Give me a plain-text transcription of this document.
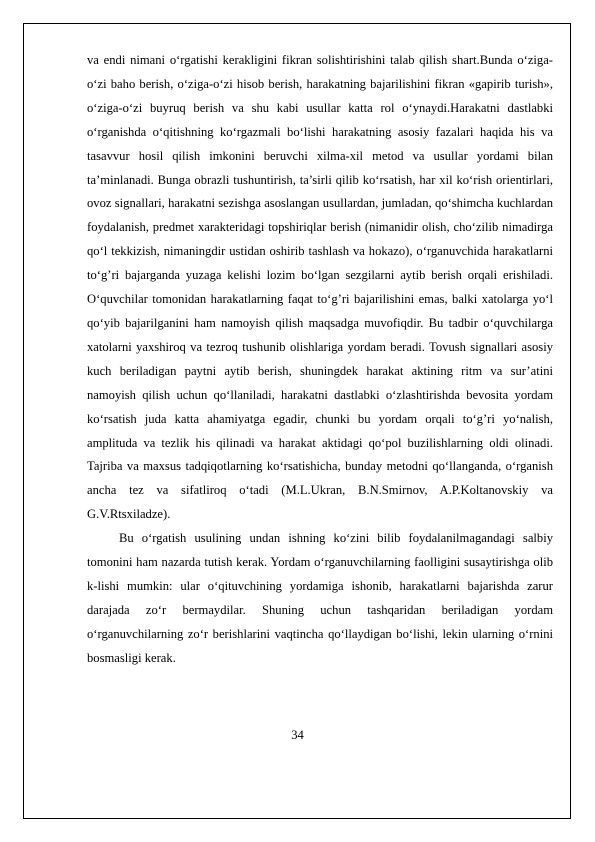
va endi nimani o‘rgatishi kerakligini fikran solishtirishini talab qilish shart.Bunda o‘ziga-o‘zi baho berish, o‘ziga-o‘zi hisob berish, harakatning bajarilishini fikran «gapirib turish», o‘ziga-o‘zi buyruq berish va shu kabi usullar katta rol o‘ynaydi.Harakatni dastlabki o‘rganishda o‘qitishning ko‘rgazmali bo‘lishi harakatning asosiy fazalari haqida his va tasavvur hosil qilish imkonini beruvchi xilma-xil metod va usullar yordami bilan ta’minlanadi. Bunga obrazli tushuntirish, ta’sirli qilib ko‘rsatish, har xil ko‘rish orientirlari, ovoz signallari, harakatni sezishga asoslangan usullardan, jumladan, qo‘shimcha kuchlardan foydalanish, predmet xarakteridagi topshiriqlar berish (nimanidir olish, cho‘zilib nimadirga qo‘l tekkizish, nimaningdir ustidan oshirib tashlash va hokazo), o‘rganuvchida harakatlarni to‘g’ri bajarganda yuzaga kelishi lozim bo‘lgan sezgilarni aytib berish orqali erishiladi. O‘quvchilar tomonidan harakatlarning faqat to‘g’ri bajarilishini emas, balki xatolarga yo‘l qo‘yib bajarilganini ham namoyish qilish maqsadga muvofiqdir. Bu tadbir o‘quvchilarga xatolarni yaxshiroq va tezroq tushunib olishlariga yordam beradi. Tovush signallari asosiy kuch beriladigan paytni aytib berish, shuningdek harakat aktining ritm va sur’atini namoyish qilish uchun qo‘llaniladi, harakatni dastlabki o‘zlashtirishda bevosita yordam ko‘rsatish juda katta ahamiyatga egadir, chunki bu yordam orqali to‘g’ri yo‘nalish, amplituda va tezlik his qilinadi va harakat aktidagi qo‘pol buzilishlarning oldi olinadi. Tajriba va maxsus tadqiqotlarning ko‘rsatishicha, bunday metodni qo‘llanganda, o‘rganish ancha tez va sifatliroq o‘tadi (M.L.Ukran, B.N.Smirnov, A.P.Koltanovskiy va G.V.Rtsxiladze).

Bu o‘rgatish usulining undan ishning ko‘zini bilib foydalanilmagandagi salbiy tomonini ham nazarda tutish kerak. Yordam o‘rganuvchilarning faolligini susaytirishga olib k-lishi mumkin: ular o‘qituvchining yordamiga ishonib, harakatlarni bajarishda zarur darajada zo‘r bermaydilar. Shuning uchun tashqaridan beriladigan yordam o‘rganuvchilarning zo‘r berishlarini vaqtincha qo‘llaydigan bo‘lishi, lekin ularning o‘rnini bosmasligi kerak.

34
